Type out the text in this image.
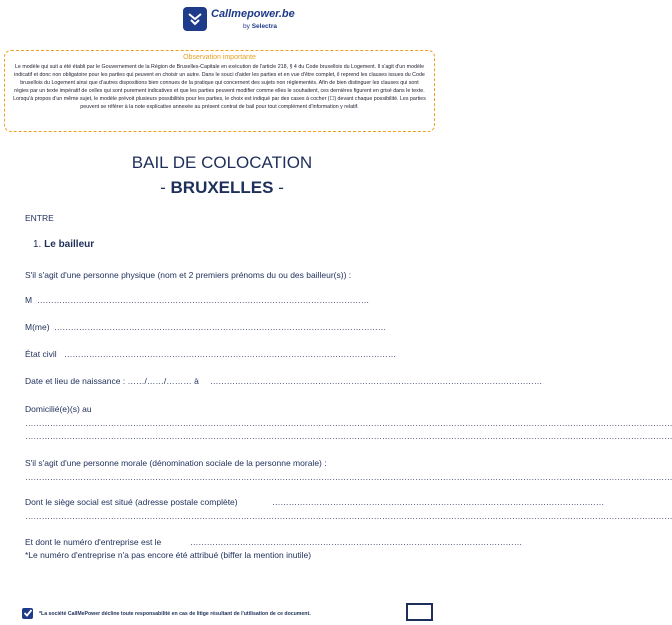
Callmepower.be
by Selectra
Observation importante
Le modèle qui suit a été établi par le Gouvernement de la Région de Bruxelles-Capitale en exécution de l'article 218, § 4 du Code bruxellois du Logement. Il s'agit d'un modèle indicatif et donc non obligatoire pour les parties qui peuvent en choisir un autre. Dans le souci d'aider les parties et en vue d'être complet, il reprend les clauses issues du Code bruxellois du Logement ainsi que d'autres dispositions bien connues de la pratique qui concernent des sujets non réglementés. Afin de bien distinguer les clauses qui sont régies par un texte impératif de celles qui sont purement indicatives et que les parties peuvent modifier comme elles le souhaitent, ces dernières figurent en grisé dans le texte. Lorsqu'à propos d'un même sujet, le modèle prévoit plusieurs possibilités pour les parties, le choix est indiqué par des cases à cocher (☐) devant chaque possibilité. Les parties peuvent se référer à la note explicative annexée au présent contrat de bail pour tout complément d'information y relatif.
BAIL DE COLOCATION
- BRUXELLES -
ENTRE
1. Le bailleur
S'il s'agit d'une personne physique (nom et 2 premiers prénoms du ou des bailleur(s)) :
M …………………………………………………………………………………………………………
M(me) …………………………………………………………………………………………………………
État civil …………………………………………………………………………………………………………
Date et lieu de naissance : ……/……/……… à …………………………………………………………………………………………………………
Domicilié(e)(s) au
………………………………………………………………………………………………………………………………………………………………………………………………………………
………………………………………………………………………………………………………………………………………………………………………………………………………………
S'il s'agit d'une personne morale (dénomination sociale de la personne morale) :
………………………………………………………………………………………………………………………………………………………………………………………………………………
Dont le siège social est situé (adresse postale complète)	…………………………………………………………………………………………………………
………………………………………………………………………………………………………………………………………………………………………………………………………………
Et dont le numéro d'entreprise est le	…………………………………………………………………………………………………………
*Le numéro d'entreprise n'a pas encore été attribué (biffer la mention inutile)
*La société CallMePower décline toute responsabilité en cas de litige résultant de l'utilisation de ce document.
